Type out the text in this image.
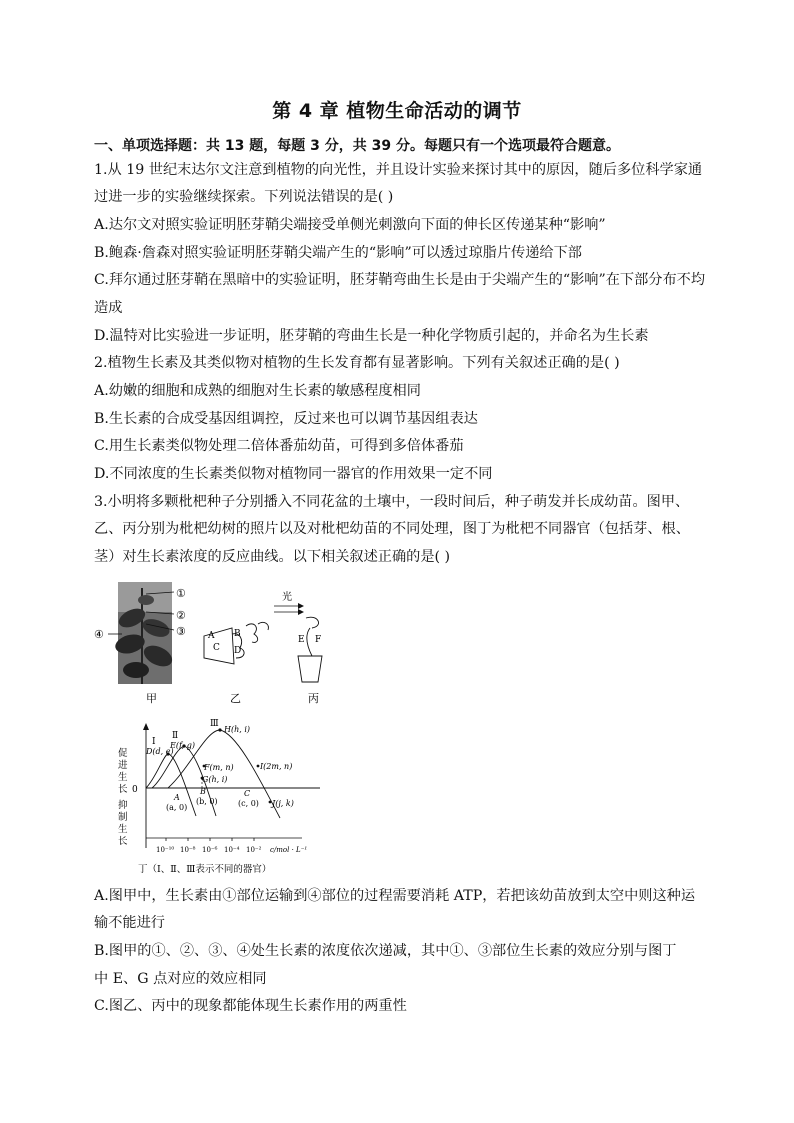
第 4 章 植物生命活动的调节
一、单项选择题：共 13 题，每题 3 分，共 39 分。每题只有一个选项最符合题意。
1.从 19 世纪末达尔文注意到植物的向光性，并且设计实验来探讨其中的原因，随后多位科学家通
过进一步的实验继续探索。下列说法错误的是( )
A.达尔文对照实验证明胚芽鞘尖端接受单侧光刺激向下面的伸长区传递某种“影响”
B.鲍森·詹森对照实验证明胚芽鞘尖端产生的“影响”可以透过琼脂片传递给下部
C.拜尔通过胚芽鞘在黑暗中的实验证明，胚芽鞘弯曲生长是由于尖端产生的“影响”在下部分布不均
造成
D.温特对比实验进一步证明，胚芽鞘的弯曲生长是一种化学物质引起的，并命名为生长素
2.植物生长素及其类似物对植物的生长发育都有显著影响。下列有关叙述正确的是( )
A.幼嫩的细胞和成熟的细胞对生长素的敏感程度相同
B.生长素的合成受基因组调控，反过来也可以调节基因组表达
C.用生长素类似物处理二倍体番茄幼苗，可得到多倍体番茄
D.不同浓度的生长素类似物对植物同一器官的作用效果一定不同
3.小明将多颗枇杷种子分别播入不同花盆的土壤中，一段时间后，种子萌发并长成幼苗。图甲、
乙、丙分别为枇杷幼树的照片以及对枇杷幼苗的不同处理，图丁为枇杷不同器官（包括芽、根、
茎）对生长素浓度的反应曲线。以下相关叙述正确的是( )
①
②
③
④	A B
C D
光
E F
甲	乙	丙
促
进
生
长 0
抑
制
生
长
Ⅰ
Ⅱ
Ⅲ
D(d, e)
E(f, g)
H(h, i)
F(m, n)
G(h, i)
I(2m, n)
A
(a, 0)
B
(b, 0)
C
(c, 0) J(j, k)
10⁻¹⁰ 10⁻⁸ 10⁻⁶ 10⁻⁴ 10⁻² c/mol · L⁻¹
丁（Ⅰ、Ⅱ、Ⅲ表示不同的器官）
A.图甲中，生长素由①部位运输到④部位的过程需要消耗 ATP，若把该幼苗放到太空中则这种运
输不能进行
B.图甲的①、②、③、④处生长素的浓度依次递减，其中①、③部位生长素的效应分别与图丁
中 E、G 点对应的效应相同
C.图乙、丙中的现象都能体现生长素作用的两重性
